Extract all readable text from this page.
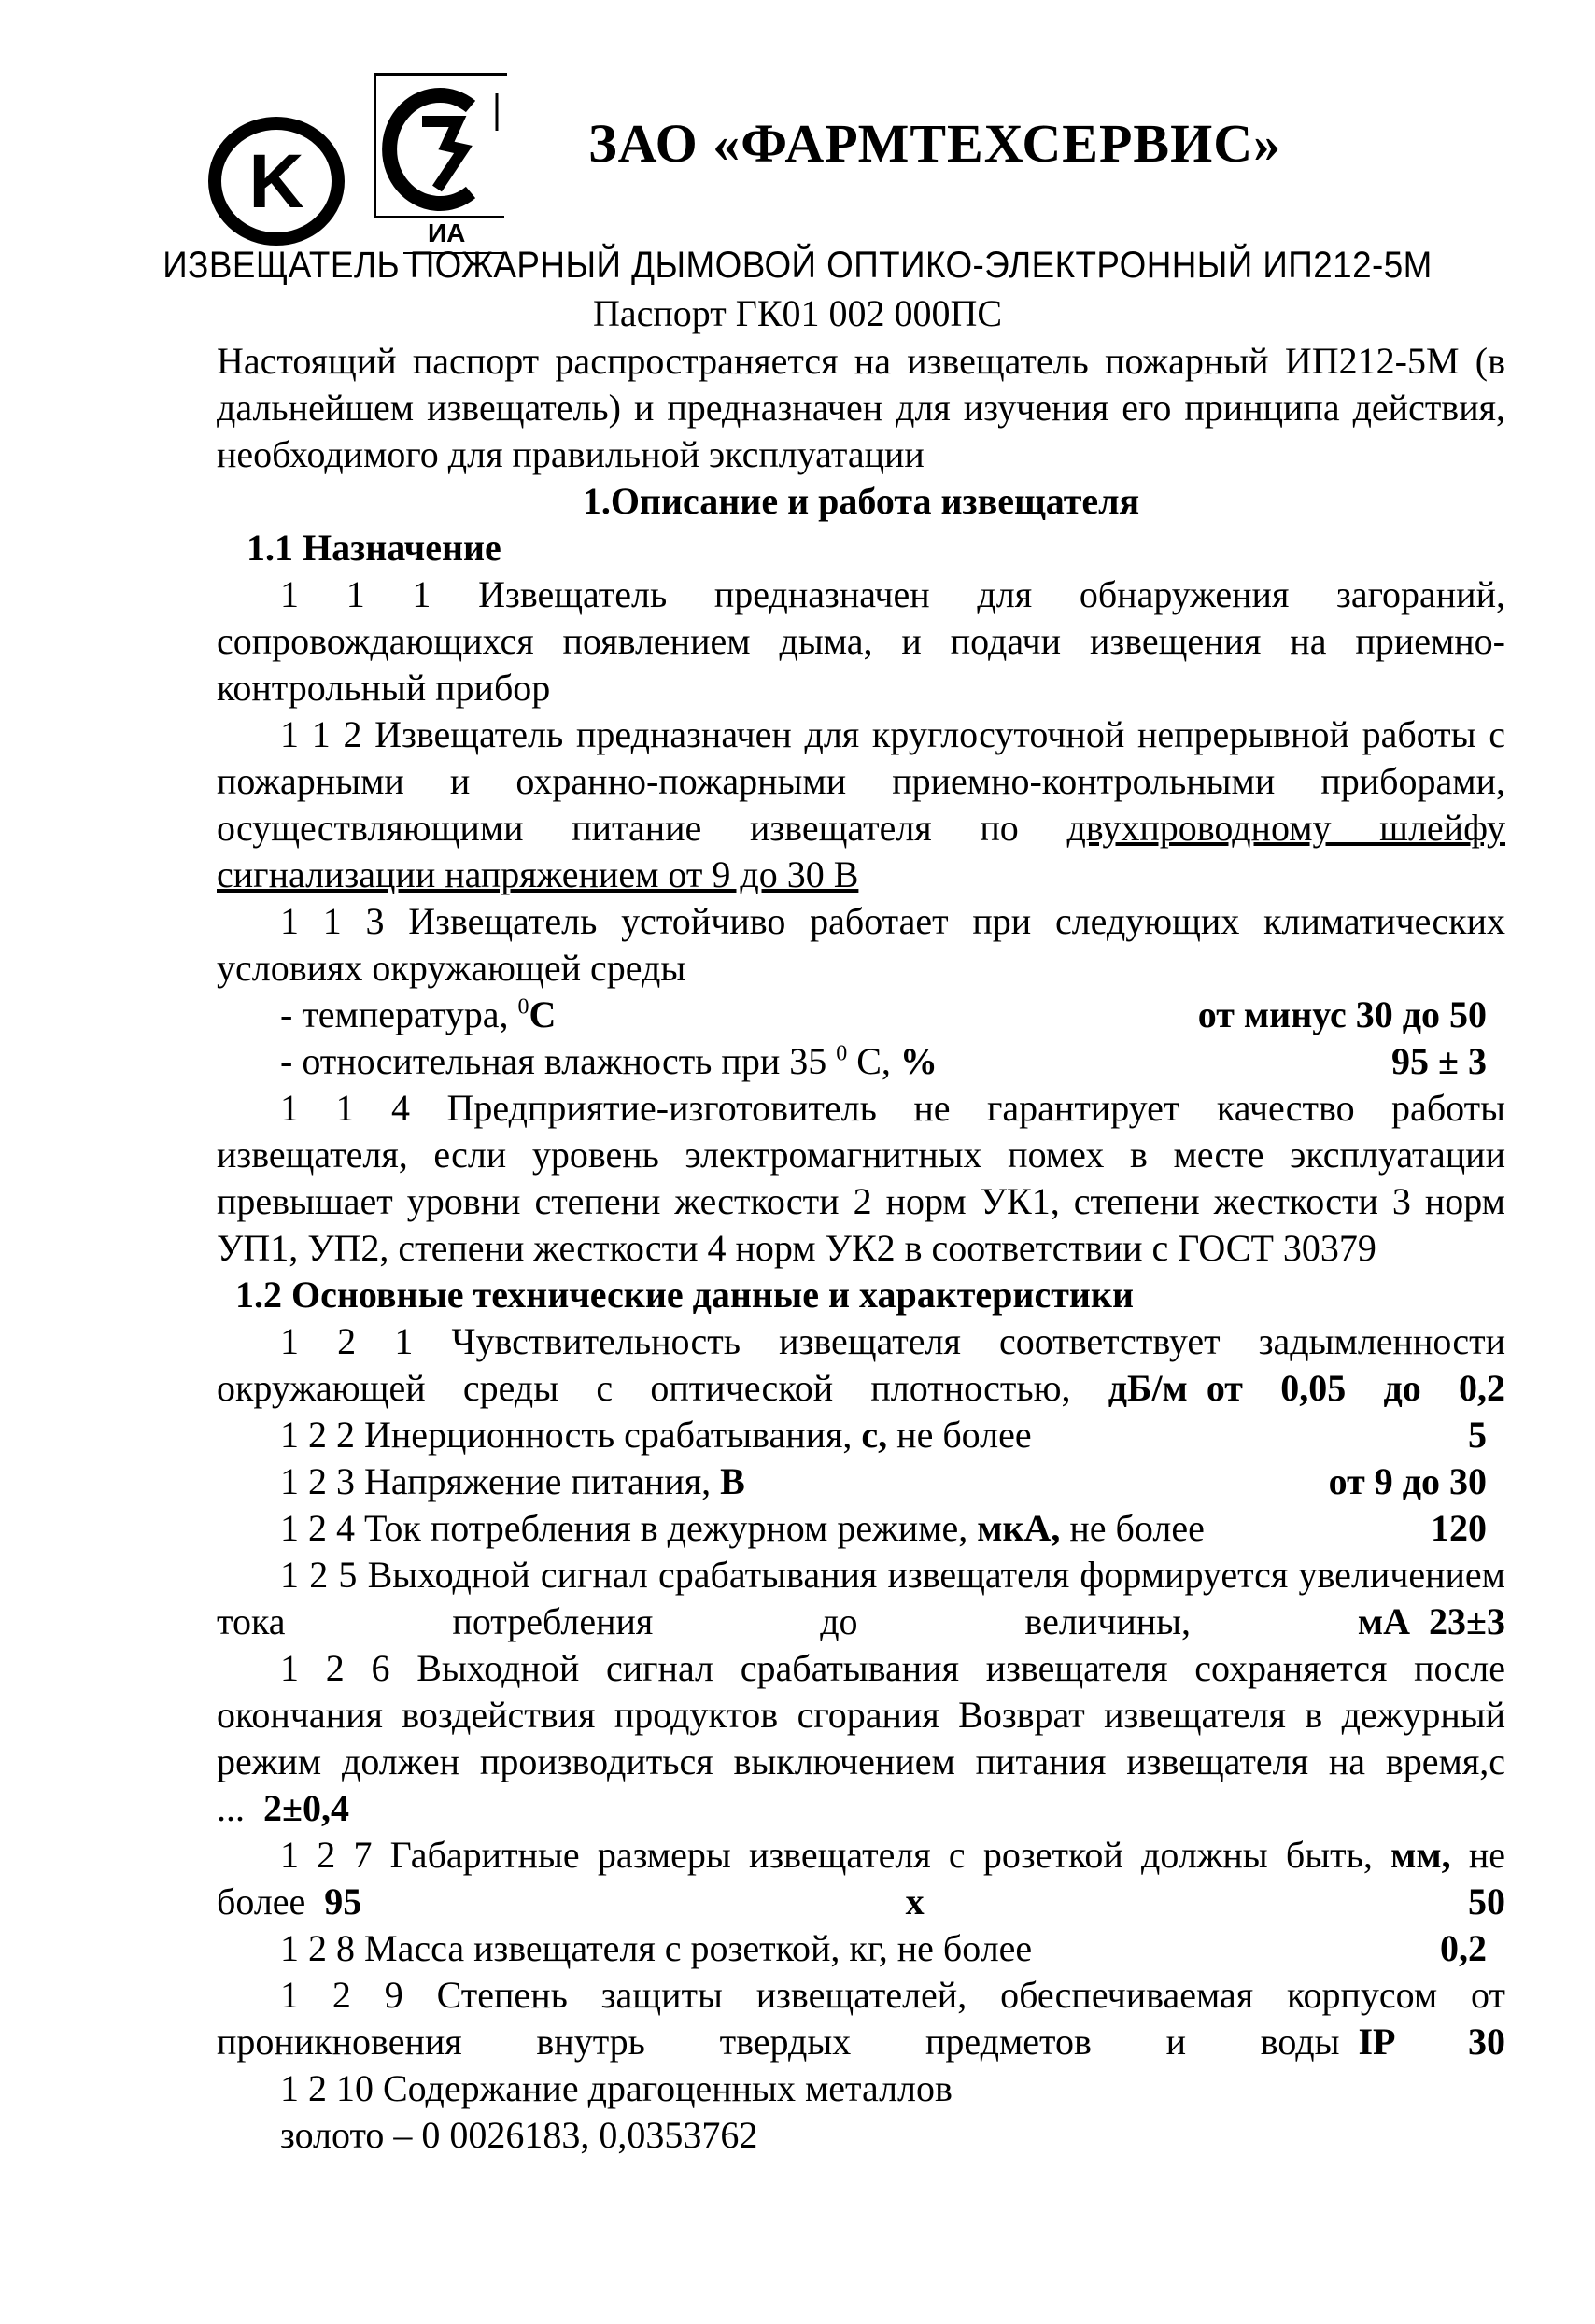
K
ИА
ЗАО «ФАРМТЕХСЕРВИС»
ИЗВЕЩАТЕЛЬ ПОЖАРНЫЙ ДЫМОВОЙ ОПТИКО-ЭЛЕКТРОННЫЙ ИП212-5М
Паспорт ГК01 002 000ПС

Настоящий паспорт распространяется на извещатель пожарный ИП212-5М (в дальнейшем извещатель) и предназначен для изучения его принципа действия, необходимого для правильной эксплуатации

1.Описание и работа извещателя

1.1 Назначение

1 1 1 Извещатель предназначен для обнаружения загораний, сопровождающихся появлением дыма, и подачи извещения на приемно-контрольный прибор

1 1 2 Извещатель предназначен для круглосуточной непрерывной работы с пожарными и охранно-пожарными приемно-контрольными приборами, осуществляющими питание извещателя по двухпроводному шлейфу сигнализации напряжением от 9 до 30 В

1 1 3 Извещатель устойчиво работает при следующих климатических условиях окружающей среды

- температура, $^0$С	от минус 30 до 50
- относительная влажность при 35 $^0$ С, %	95 ± 3

1 1 4 Предприятие-изготовитель не гарантирует качество работы извещателя, если уровень электромагнитных помех в месте эксплуатации превышает уровни степени жесткости 2 норм УК1, степени жесткости 3 норм УП1, УП2, степени жесткости 4 норм УК2 в соответствии с ГОСТ 30379

1.2 Основные технические данные и характеристики

1 2 1 Чувствительность извещателя соответствует задымленности окружающей среды с оптической плотностью, дБ/м от 0,05 до 0,2

1 2 2 Инерционность срабатывания, с, не более	5
1 2 3 Напряжение питания, В	от 9 до 30
1 2 4 Ток потребления в дежурном режиме, мкА, не более	120

1 2 5 Выходной сигнал срабатывания извещателя формируется увеличением тока потребления до величины,	мА 23±3

1 2 6 Выходной сигнал срабатывания извещателя сохраняется после окончания воздействия продуктов сгорания Возврат извещателя в дежурный режим должен производиться выключением питания извещателя на время,с ... 2±0,4

1 2 7 Габаритные размеры извещателя с розеткой должны быть, мм, не более 95 х 50

1 2 8 Масса извещателя с розеткой, кг, не более	0,2

1 2 9 Степень защиты извещателей, обеспечиваемая корпусом от проникновения внутрь твердых предметов и воды IP 30

1 2 10 Содержание драгоценных металлов

золото – 0 0026183, 0,0353762
